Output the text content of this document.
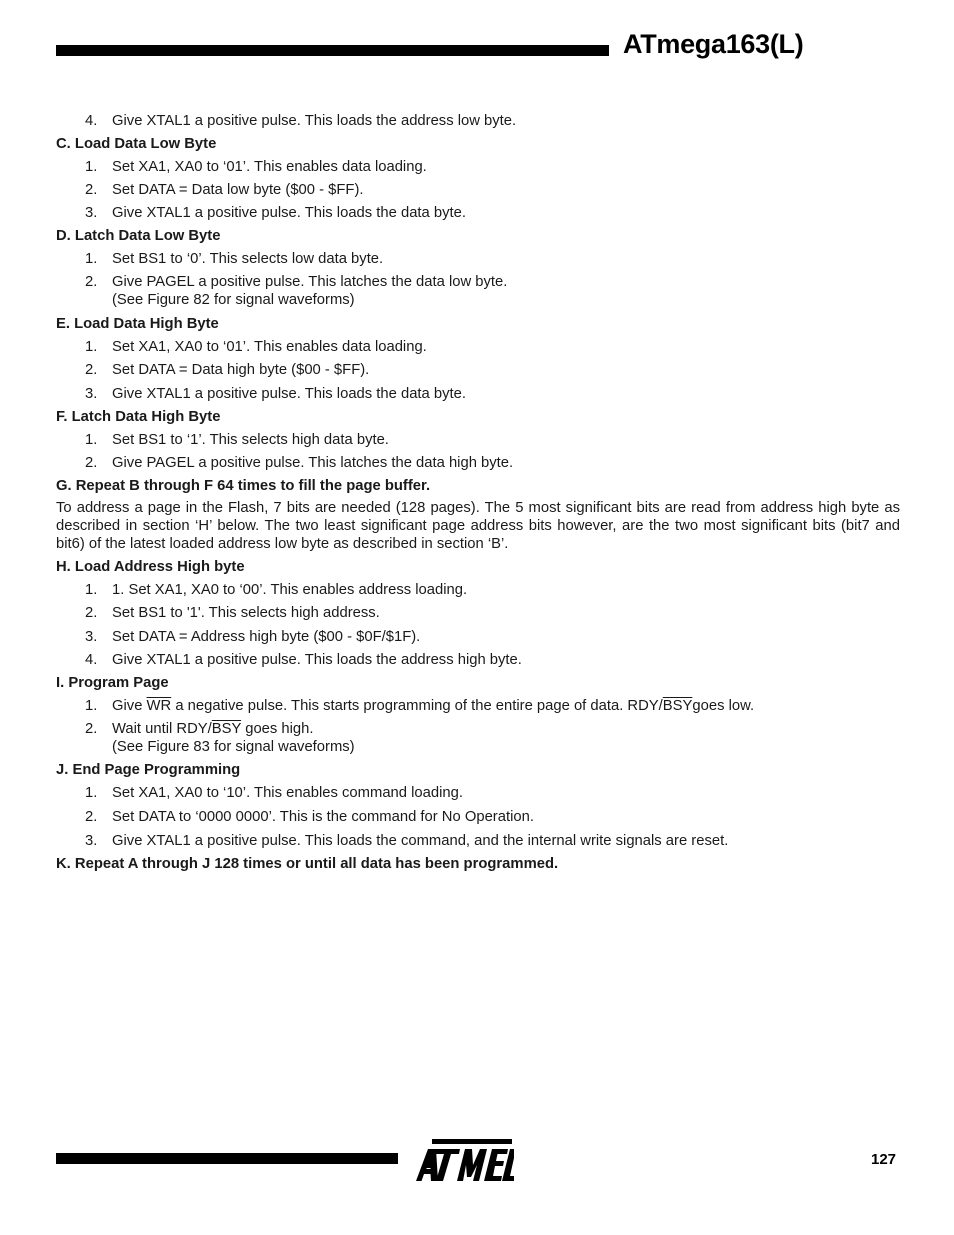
ATmega163(L)
4. Give XTAL1 a positive pulse. This loads the address low byte.
C. Load Data Low Byte
1. Set XA1, XA0 to ‘01’. This enables data loading.
2. Set DATA = Data low byte ($00 - $FF).
3. Give XTAL1 a positive pulse. This loads the data byte.
D. Latch Data Low Byte
1. Set BS1 to ‘0’. This selects low data byte.
2. Give PAGEL a positive pulse. This latches the data low byte.
(See Figure 82 for signal waveforms)
E. Load Data High Byte
1. Set XA1, XA0 to ‘01’. This enables data loading.
2. Set DATA = Data high byte ($00 - $FF).
3. Give XTAL1 a positive pulse. This loads the data byte.
F. Latch Data High Byte
1. Set BS1 to ‘1’. This selects high data byte.
2. Give PAGEL a positive pulse. This latches the data high byte.
G. Repeat B through F 64 times to fill the page buffer.
To address a page in the Flash, 7 bits are needed (128 pages). The 5 most significant bits are read from address high byte as described in section ‘H’ below. The two least significant page address bits however, are the two most significant bits (bit7 and bit6) of the latest loaded address low byte as described in section ‘B’.
H. Load Address High byte
1. 1. Set XA1, XA0 to ‘00’. This enables address loading.
2. Set BS1 to '1'. This selects high address.
3. Set DATA = Address high byte ($00 - $0F/$1F).
4. Give XTAL1 a positive pulse. This loads the address high byte.
I. Program Page
1. Give $\overline{WR}$ a negative pulse. This starts programming of the entire page of data. RDY/$\overline{BSY}goes$ low.
2. Wait until RDY/$\overline{BSY}$ goes high.
(See Figure 83 for signal waveforms)
J. End Page Programming
1. Set XA1, XA0 to ‘10’. This enables command loading.
2. Set DATA to ‘0000 0000’. This is the command for No Operation.
3. Give XTAL1 a positive pulse. This loads the command, and the internal write signals are reset.
K. Repeat A through J 128 times or until all data has been programmed.
127
